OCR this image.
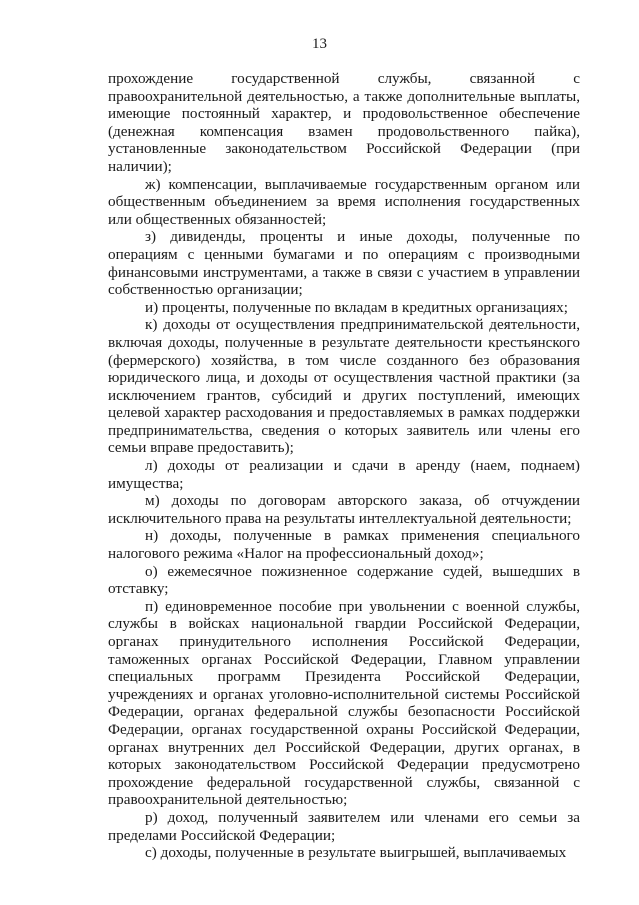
13

прохождение государственной службы, связанной с правоохранительной деятельностью, а также дополнительные выплаты, имеющие постоянный характер, и продовольственное обеспечение (денежная компенсация взамен продовольственного пайка), установленные законодательством Российской Федерации (при наличии);

ж) компенсации, выплачиваемые государственным органом или общественным объединением за время исполнения государственных или общественных обязанностей;

з) дивиденды, проценты и иные доходы, полученные по операциям с ценными бумагами и по операциям с производными финансовыми инструментами, а также в связи с участием в управлении собственностью организации;

и) проценты, полученные по вкладам в кредитных организациях;

к) доходы от осуществления предпринимательской деятельности, включая доходы, полученные в результате деятельности крестьянского (фермерского) хозяйства, в том числе созданного без образования юридического лица, и доходы от осуществления частной практики (за исключением грантов, субсидий и других поступлений, имеющих целевой характер расходования и предоставляемых в рамках поддержки предпринимательства, сведения о которых заявитель или члены его семьи вправе предоставить);

л) доходы от реализации и сдачи в аренду (наем, поднаем) имущества;

м) доходы по договорам авторского заказа, об отчуждении исключительного права на результаты интеллектуальной деятельности;

н) доходы, полученные в рамках применения специального налогового режима «Налог на профессиональный доход»;

о) ежемесячное пожизненное содержание судей, вышедших в отставку;

п) единовременное пособие при увольнении с военной службы, службы в войсках национальной гвардии Российской Федерации, органах принудительного исполнения Российской Федерации, таможенных органах Российской Федерации, Главном управлении специальных программ Президента Российской Федерации, учреждениях и органах уголовно-исполнительной системы Российской Федерации, органах федеральной службы безопасности Российской Федерации, органах государственной охраны Российской Федерации, органах внутренних дел Российской Федерации, других органах, в которых законодательством Российской Федерации предусмотрено прохождение федеральной государственной службы, связанной с правоохранительной деятельностью;

р) доход, полученный заявителем или членами его семьи за пределами Российской Федерации;

с) доходы, полученные в результате выигрышей, выплачиваемых
